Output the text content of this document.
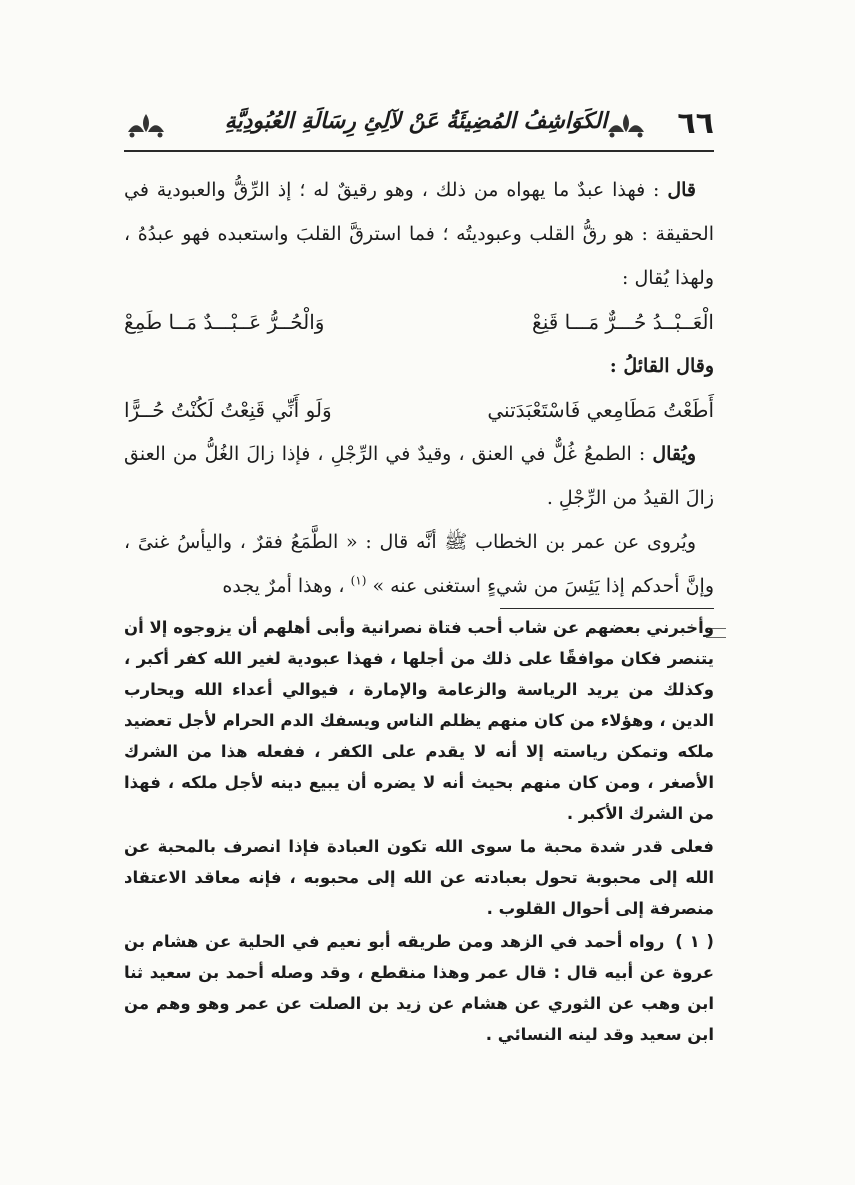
٦٦
الكَوَاشِفُ المُضِيئَةُ عَنْ لآلِئِ رِسَالَةِ العُبُودِيَّةِ

قال : فهذا عبدٌ ما يهواه من ذلك ، وهو رقيقٌ له ؛ إذ الرِّقُّ والعبودية في الحقيقة : هو رقُّ القلب وعبوديتُه ؛ فما استرقَّ القلبَ واستعبده فهو عبدُهُ ، ولهذا يُقال :

الْعَــبْــدُ حُـــرٌّ مَـــا قَنِعْ
وَالْحُــرُّ عَــبْـــدٌ مَــا طَمِعْ

وقال القائلُ :

أَطَعْتُ مَطَامِعي فَاسْتَعْبَدَتني
وَلَو أَنِّي قَنِعْتُ لَكُنْتُ حُــرًّا

ويُقال : الطمعُ غُلٌّ في العنق ، وقيدٌ في الرِّجْلِ ، فإذا زالَ الغُلُّ من العنق زالَ القيدُ من الرِّجْلِ .

ويُروى عن عمر بن الخطاب ﷺ أنَّه قال : « الطَّمَعُ فقرٌ ، واليأسُ غنىً ، وإنَّ أحدكم إذا يَئِسَ من شيءٍ استغنى عنه » $^{(١)}$ ، وهذا أمرٌ يجده

وأخبرني بعضهم عن شاب أحب فتاة نصرانية وأبى أهلهم أن يزوجوه إلا أن يتنصر فكان موافقًا على ذلك من أجلها ، فهذا عبودية لغير الله كفر أكبر ، وكذلك من يريد الرياسة والزعامة والإمارة ، فيوالي أعداء الله ويحارب الدين ، وهؤلاء من كان منهم يظلم الناس ويسفك الدم الحرام لأجل تعضيد ملكه وتمكن رياسته إلا أنه لا يقدم على الكفر ، ففعله هذا من الشرك الأصغر ، ومن كان منهم بحيث أنه لا يضره أن يبيع دينه لأجل ملكه ، فهذا من الشرك الأكبر .

فعلى قدر شدة محبة ما سوى الله تكون العبادة فإذا انصرف بالمحبة عن الله إلى محبوبة تحول بعبادته عن الله إلى محبوبه ، فإنه معاقد الاعتقاد منصرفة إلى أحوال القلوب .

( ١ ) رواه أحمد في الزهد ومن طريقه أبو نعيم في الحلية عن هشام بن عروة عن أبيه قال : قال عمر وهذا منقطع ، وقد وصله أحمد بن سعيد ثنا ابن وهب عن الثوري عن هشام عن زيد بن الصلت عن عمر وهو وهم من ابن سعيد وقد لينه النسائي .
